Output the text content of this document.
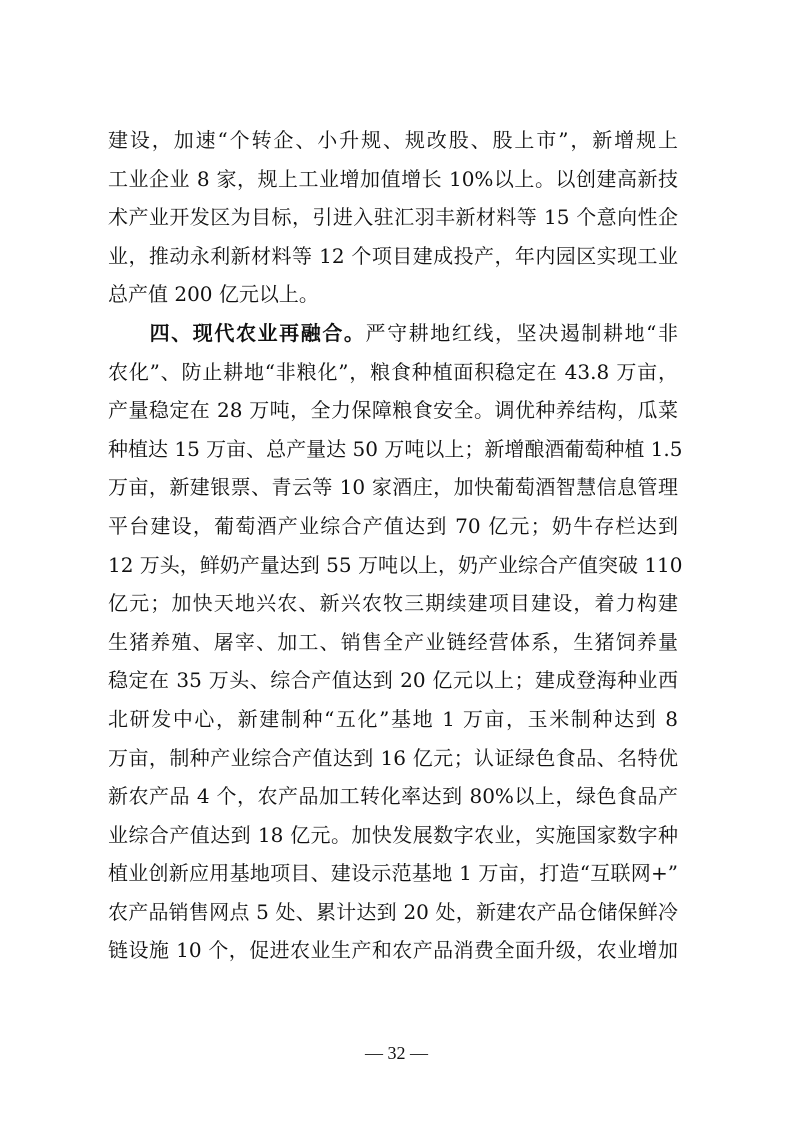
建设，加速“个转企、小升规、规改股、股上市”，新增规上
工业企业 8 家，规上工业增加值增长 10%以上。以创建高新技
术产业开发区为目标，引进入驻汇羽丰新材料等 15 个意向性企
业，推动永利新材料等 12 个项目建成投产，年内园区实现工业
总产值 200 亿元以上。
四、现代农业再融合。严守耕地红线，坚决遏制耕地“非
农化”、防止耕地“非粮化”，粮食种植面积稳定在 43.8 万亩，
产量稳定在 28 万吨，全力保障粮食安全。调优种养结构，瓜菜
种植达 15 万亩、总产量达 50 万吨以上；新增酿酒葡萄种植 1.5
万亩，新建银票、青云等 10 家酒庄，加快葡萄酒智慧信息管理
平台建设，葡萄酒产业综合产值达到 70 亿元；奶牛存栏达到
12 万头，鲜奶产量达到 55 万吨以上，奶产业综合产值突破 110
亿元；加快天地兴农、新兴农牧三期续建项目建设，着力构建
生猪养殖、屠宰、加工、销售全产业链经营体系，生猪饲养量
稳定在 35 万头、综合产值达到 20 亿元以上；建成登海种业西
北研发中心，新建制种“五化”基地 1 万亩，玉米制种达到 8
万亩，制种产业综合产值达到 16 亿元；认证绿色食品、名特优
新农产品 4 个，农产品加工转化率达到 80%以上，绿色食品产
业综合产值达到 18 亿元。加快发展数字农业，实施国家数字种
植业创新应用基地项目、建设示范基地 1 万亩，打造“互联网+”
农产品销售网点 5 处、累计达到 20 处，新建农产品仓储保鲜冷
链设施 10 个，促进农业生产和农产品消费全面升级，农业增加
— 32 —
